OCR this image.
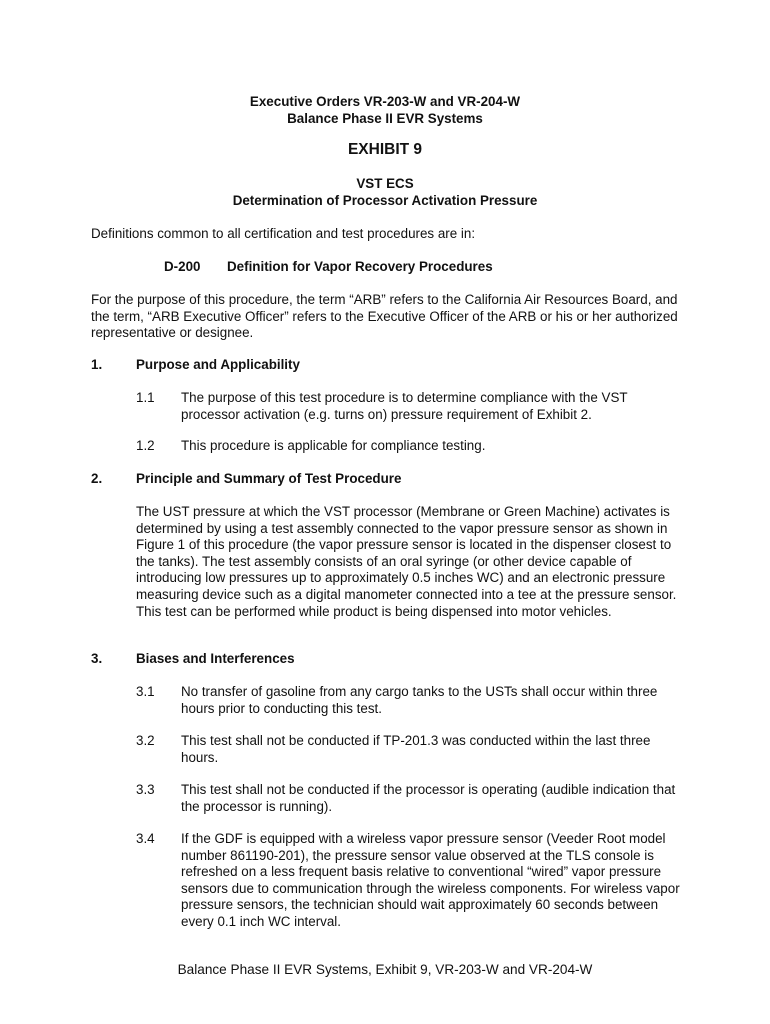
Executive Orders VR-203-W and VR-204-W
Balance Phase II EVR Systems
EXHIBIT 9
VST ECS
Determination of Processor Activation Pressure
Definitions common to all certification and test procedures are in:
D-200 Definition for Vapor Recovery Procedures
For the purpose of this procedure, the term “ARB” refers to the California Air Resources Board, and the term, “ARB Executive Officer” refers to the Executive Officer of the ARB or his or her authorized representative or designee.
1.	Purpose and Applicability
1.1 The purpose of this test procedure is to determine compliance with the VST processor activation (e.g. turns on) pressure requirement of Exhibit 2.
1.2 This procedure is applicable for compliance testing.
2.	Principle and Summary of Test Procedure
The UST pressure at which the VST processor (Membrane or Green Machine) activates is determined by using a test assembly connected to the vapor pressure sensor as shown in Figure 1 of this procedure (the vapor pressure sensor is located in the dispenser closest to the tanks). The test assembly consists of an oral syringe (or other device capable of introducing low pressures up to approximately 0.5 inches WC) and an electronic pressure measuring device such as a digital manometer connected into a tee at the pressure sensor. This test can be performed while product is being dispensed into motor vehicles.
3.	Biases and Interferences
3.1 No transfer of gasoline from any cargo tanks to the USTs shall occur within three hours prior to conducting this test.
3.2 This test shall not be conducted if TP-201.3 was conducted within the last three hours.
3.3 This test shall not be conducted if the processor is operating (audible indication that the processor is running).
3.4 If the GDF is equipped with a wireless vapor pressure sensor (Veeder Root model number 861190-201), the pressure sensor value observed at the TLS console is refreshed on a less frequent basis relative to conventional “wired” vapor pressure sensors due to communication through the wireless components. For wireless vapor pressure sensors, the technician should wait approximately 60 seconds between every 0.1 inch WC interval.
Balance Phase II EVR Systems, Exhibit 9, VR-203-W and VR-204-W
